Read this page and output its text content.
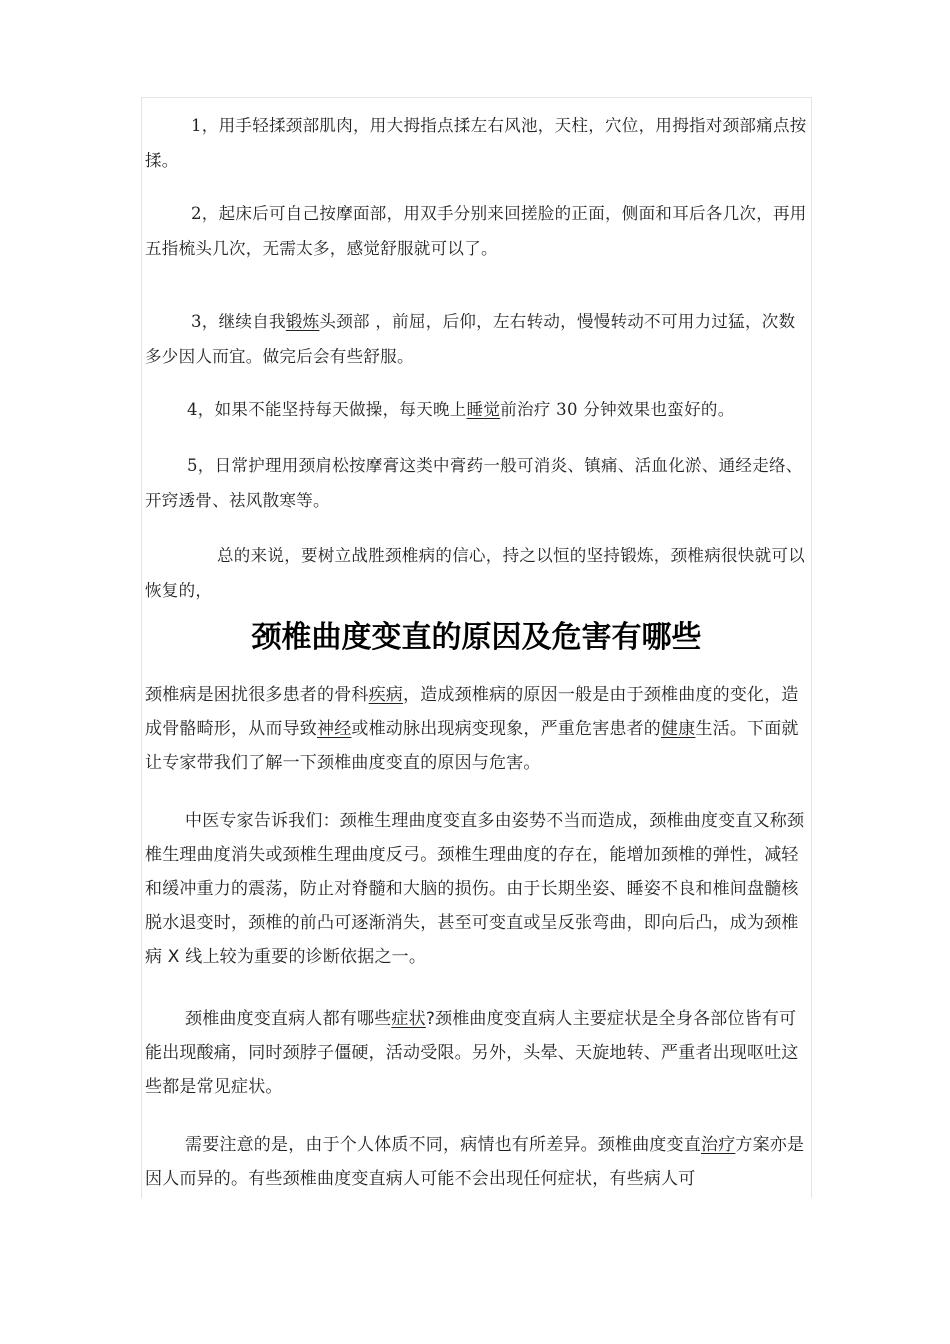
1，用手轻揉颈部肌肉，用大拇指点揉左右风池，天柱，穴位，用拇指对颈部痛点按揉。

2，起床后可自己按摩面部，用双手分别来回搓脸的正面，侧面和耳后各几次，再用五指梳头几次，无需太多，感觉舒服就可以了。

3，继续自我锻炼头颈部 ，前屈，后仰，左右转动，慢慢转动不可用力过猛，次数多少因人而宜。做完后会有些舒服。

4，如果不能坚持每天做操，每天晚上睡觉前治疗 30 分钟效果也蛮好的。

5，日常护理用颈肩松按摩膏这类中膏药一般可消炎、镇痛、活血化淤、通经走络、开窍透骨、祛风散寒等。

总的来说，要树立战胜颈椎病的信心，持之以恒的坚持锻炼，颈椎病很快就可以恢复的，

颈椎曲度变直的原因及危害有哪些

颈椎病是困扰很多患者的骨科疾病，造成颈椎病的原因一般是由于颈椎曲度的变化，造成骨骼畸形，从而导致神经或椎动脉出现病变现象，严重危害患者的健康生活。下面就让专家带我们了解一下颈椎曲度变直的原因与危害。

中医专家告诉我们：颈椎生理曲度变直多由姿势不当而造成，颈椎曲度变直又称颈椎生理曲度消失或颈椎生理曲度反弓。颈椎生理曲度的存在，能增加颈椎的弹性，减轻和缓冲重力的震荡，防止对脊髓和大脑的损伤。由于长期坐姿、睡姿不良和椎间盘髓核脱水退变时，颈椎的前凸可逐渐消失，甚至可变直或呈反张弯曲，即向后凸，成为颈椎病 X 线上较为重要的诊断依据之一。

颈椎曲度变直病人都有哪些症状?颈椎曲度变直病人主要症状是全身各部位皆有可能出现酸痛，同时颈脖子僵硬，活动受限。另外，头晕、天旋地转、严重者出现呕吐这些都是常见症状。

需要注意的是，由于个人体质不同，病情也有所差异。颈椎曲度变直治疗方案亦是因人而异的。有些颈椎曲度变直病人可能不会出现任何症状，有些病人可
